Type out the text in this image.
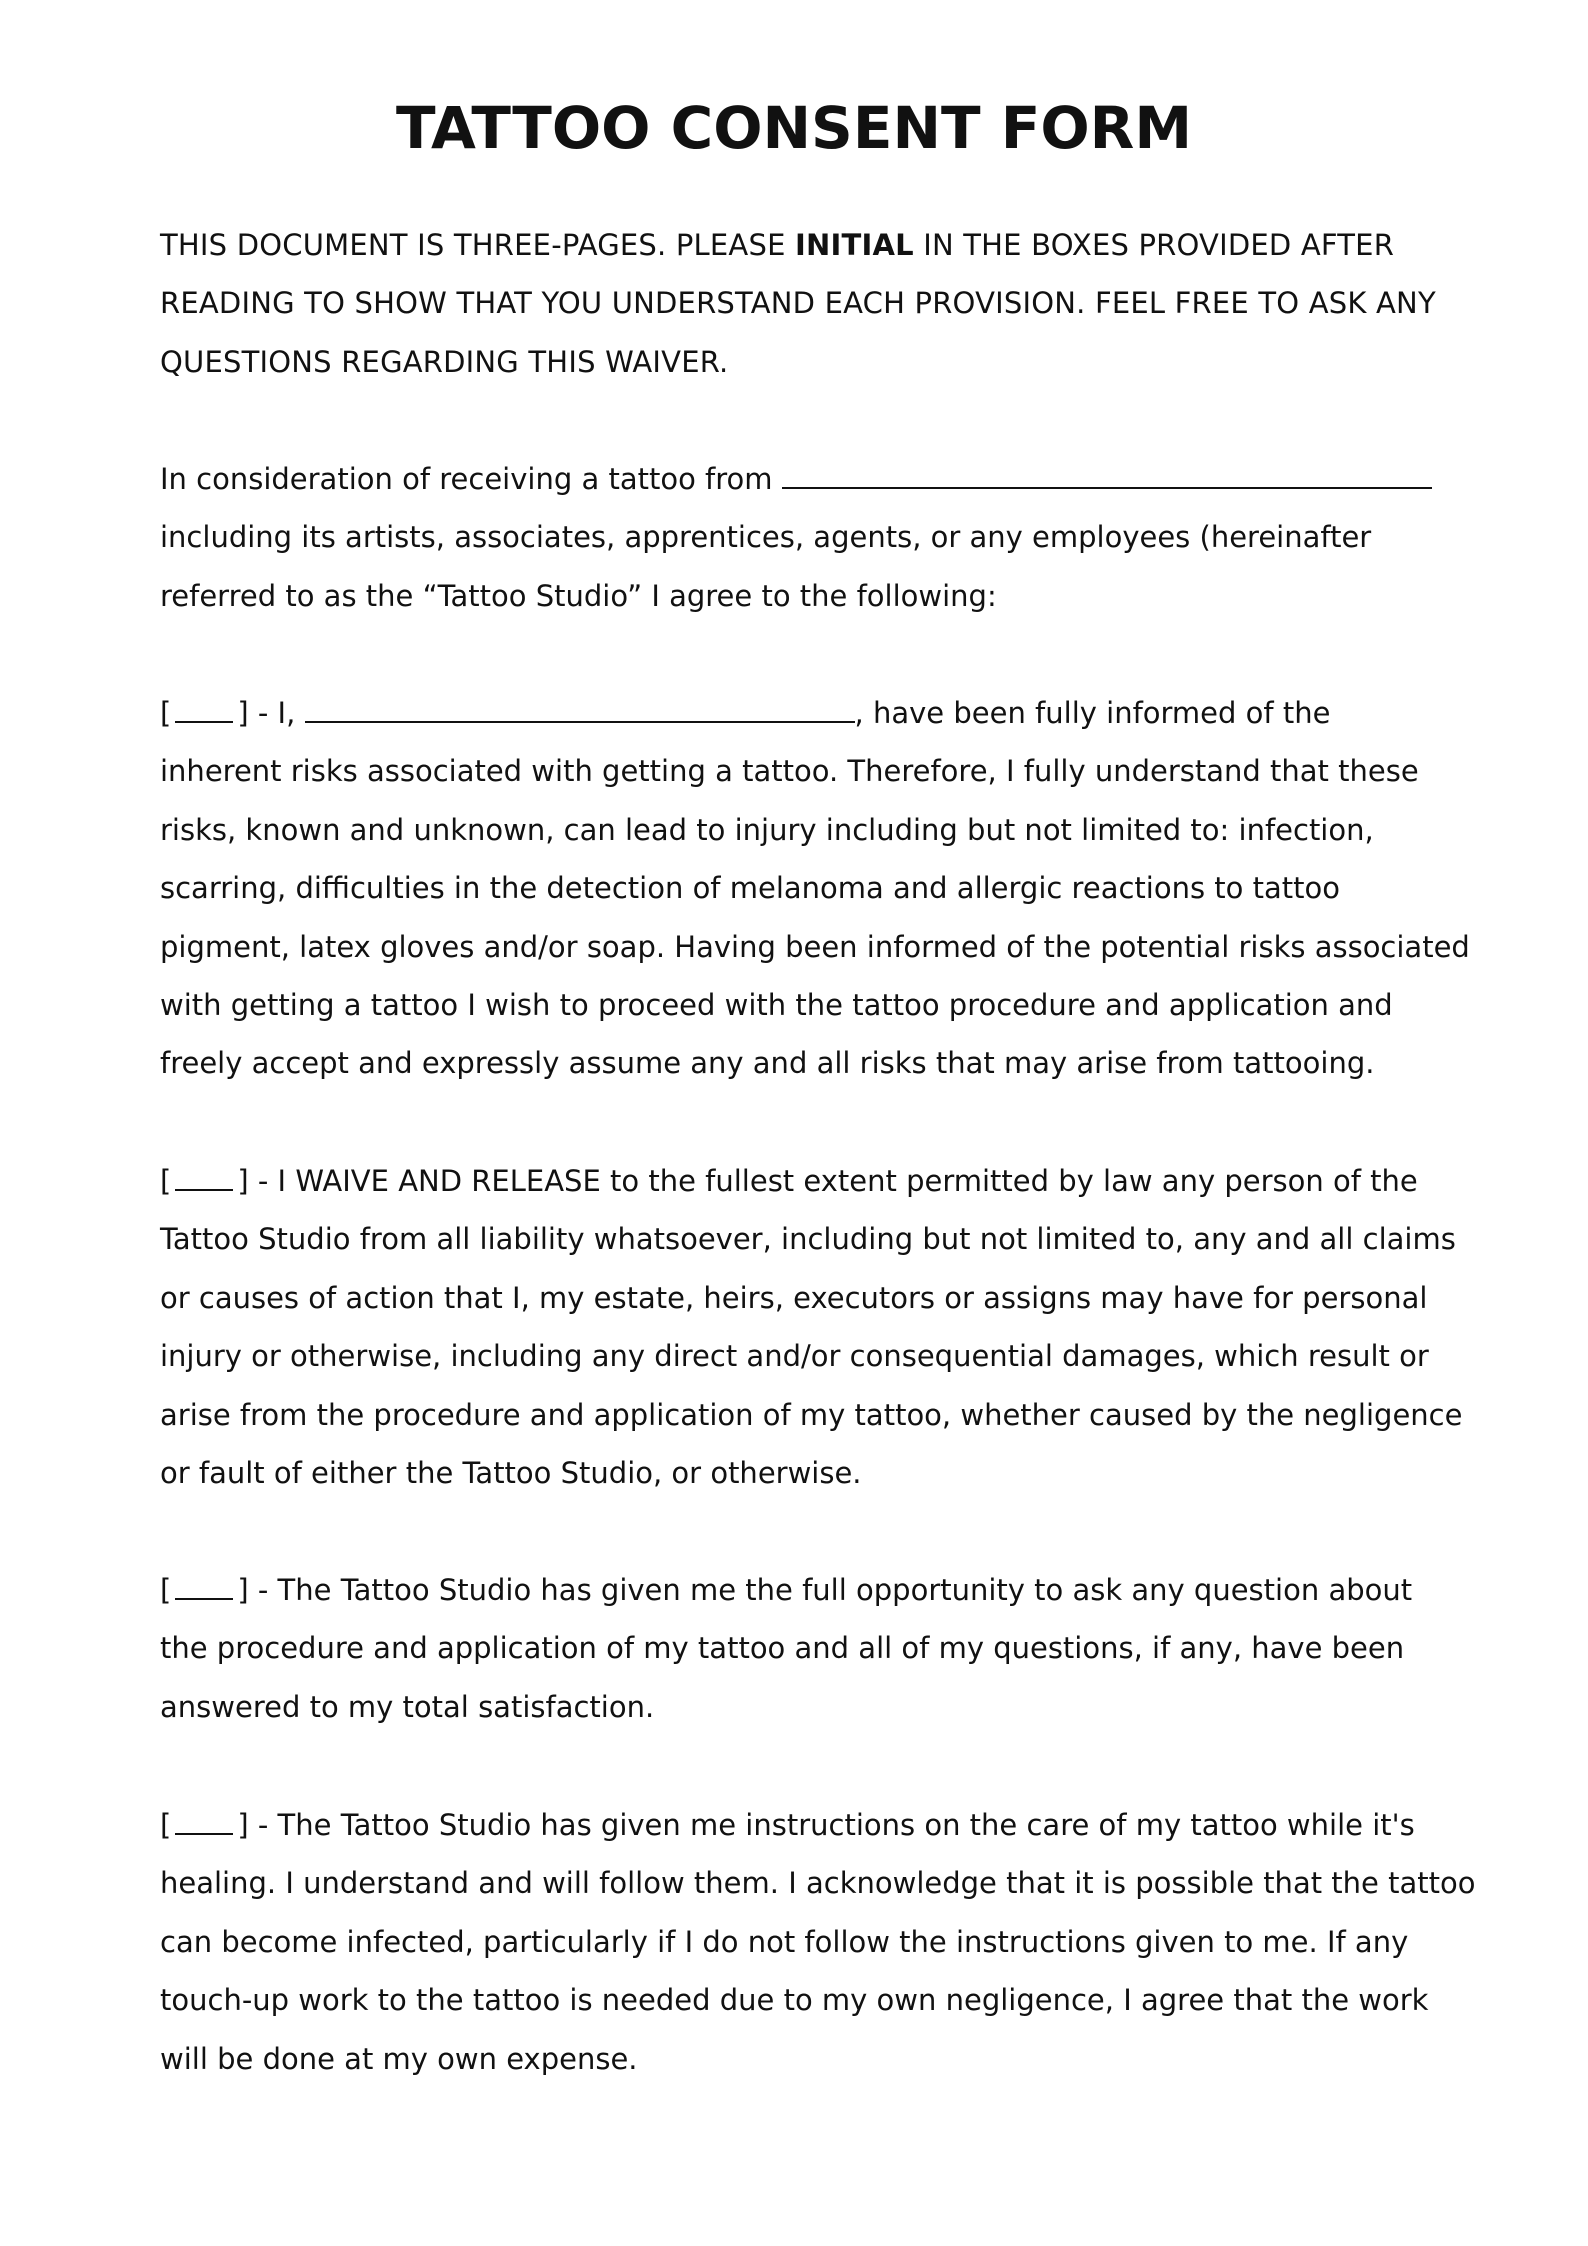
TATTOO CONSENT FORM

THIS DOCUMENT IS THREE-PAGES. PLEASE INITIAL IN THE BOXES PROVIDED AFTER
READING TO SHOW THAT YOU UNDERSTAND EACH PROVISION. FEEL FREE TO ASK ANY
QUESTIONS REGARDING THIS WAIVER.

In consideration of receiving a tattoo from
including its artists, associates, apprentices, agents, or any employees (hereinafter
referred to as the “Tattoo Studio” I agree to the following:

[ ] - I,	, have been fully informed of the
inherent risks associated with getting a tattoo. Therefore, I fully understand that these
risks, known and unknown, can lead to injury including but not limited to: infection,
scarring, difficulties in the detection of melanoma and allergic reactions to tattoo
pigment, latex gloves and/or soap. Having been informed of the potential risks associated
with getting a tattoo I wish to proceed with the tattoo procedure and application and
freely accept and expressly assume any and all risks that may arise from tattooing.

[ ] - I WAIVE AND RELEASE to the fullest extent permitted by law any person of the
Tattoo Studio from all liability whatsoever, including but not limited to, any and all claims
or causes of action that I, my estate, heirs, executors or assigns may have for personal
injury or otherwise, including any direct and/or consequential damages, which result or
arise from the procedure and application of my tattoo, whether caused by the negligence
or fault of either the Tattoo Studio, or otherwise.

[ ] - The Tattoo Studio has given me the full opportunity to ask any question about
the procedure and application of my tattoo and all of my questions, if any, have been
answered to my total satisfaction.

[ ] - The Tattoo Studio has given me instructions on the care of my tattoo while it's
healing. I understand and will follow them. I acknowledge that it is possible that the tattoo
can become infected, particularly if I do not follow the instructions given to me. If any
touch-up work to the tattoo is needed due to my own negligence, I agree that the work
will be done at my own expense.
